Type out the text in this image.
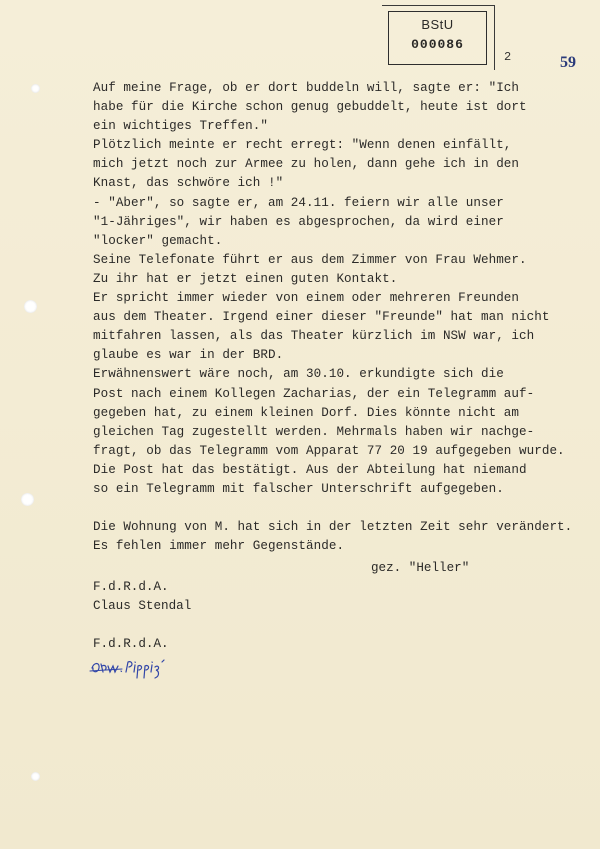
BStU
000086
2	59
Auf meine Frage, ob er dort buddeln will, sagte er: "Ich
habe für die Kirche schon genug gebuddelt, heute ist dort
ein wichtiges Treffen."
Plötzlich meinte er recht erregt: "Wenn denen einfällt,
mich jetzt noch zur Armee zu holen, dann gehe ich in den
Knast, das schwöre ich !"
- "Aber", so sagte er, am 24.11. feiern wir alle unser
"1-Jähriges", wir haben es abgesprochen, da wird einer
"locker" gemacht.
Seine Telefonate führt er aus dem Zimmer von Frau Wehmer.
Zu ihr hat er jetzt einen guten Kontakt.
Er spricht immer wieder von einem oder mehreren Freunden
aus dem Theater. Irgend einer dieser "Freunde" hat man nicht
mitfahren lassen, als das Theater kürzlich im NSW war, ich
glaube es war in der BRD.
Erwähnenswert wäre noch, am 30.10. erkundigte sich die
Post nach einem Kollegen Zacharias, der ein Telegramm auf-
gegeben hat, zu einem kleinen Dorf. Dies könnte nicht am
gleichen Tag zugestellt werden. Mehrmals haben wir nachge-
fragt, ob das Telegramm vom Apparat 77 20 19 aufgegeben wurde.
Die Post hat das bestätigt. Aus der Abteilung hat niemand
so ein Telegramm mit falscher Unterschrift aufgegeben.
Die Wohnung von M. hat sich in der letzten Zeit sehr verändert.
Es fehlen immer mehr Gegenstände.
gez. "Heller"
F.d.R.d.A.
Claus Stendal
F.d.R.d.A.
